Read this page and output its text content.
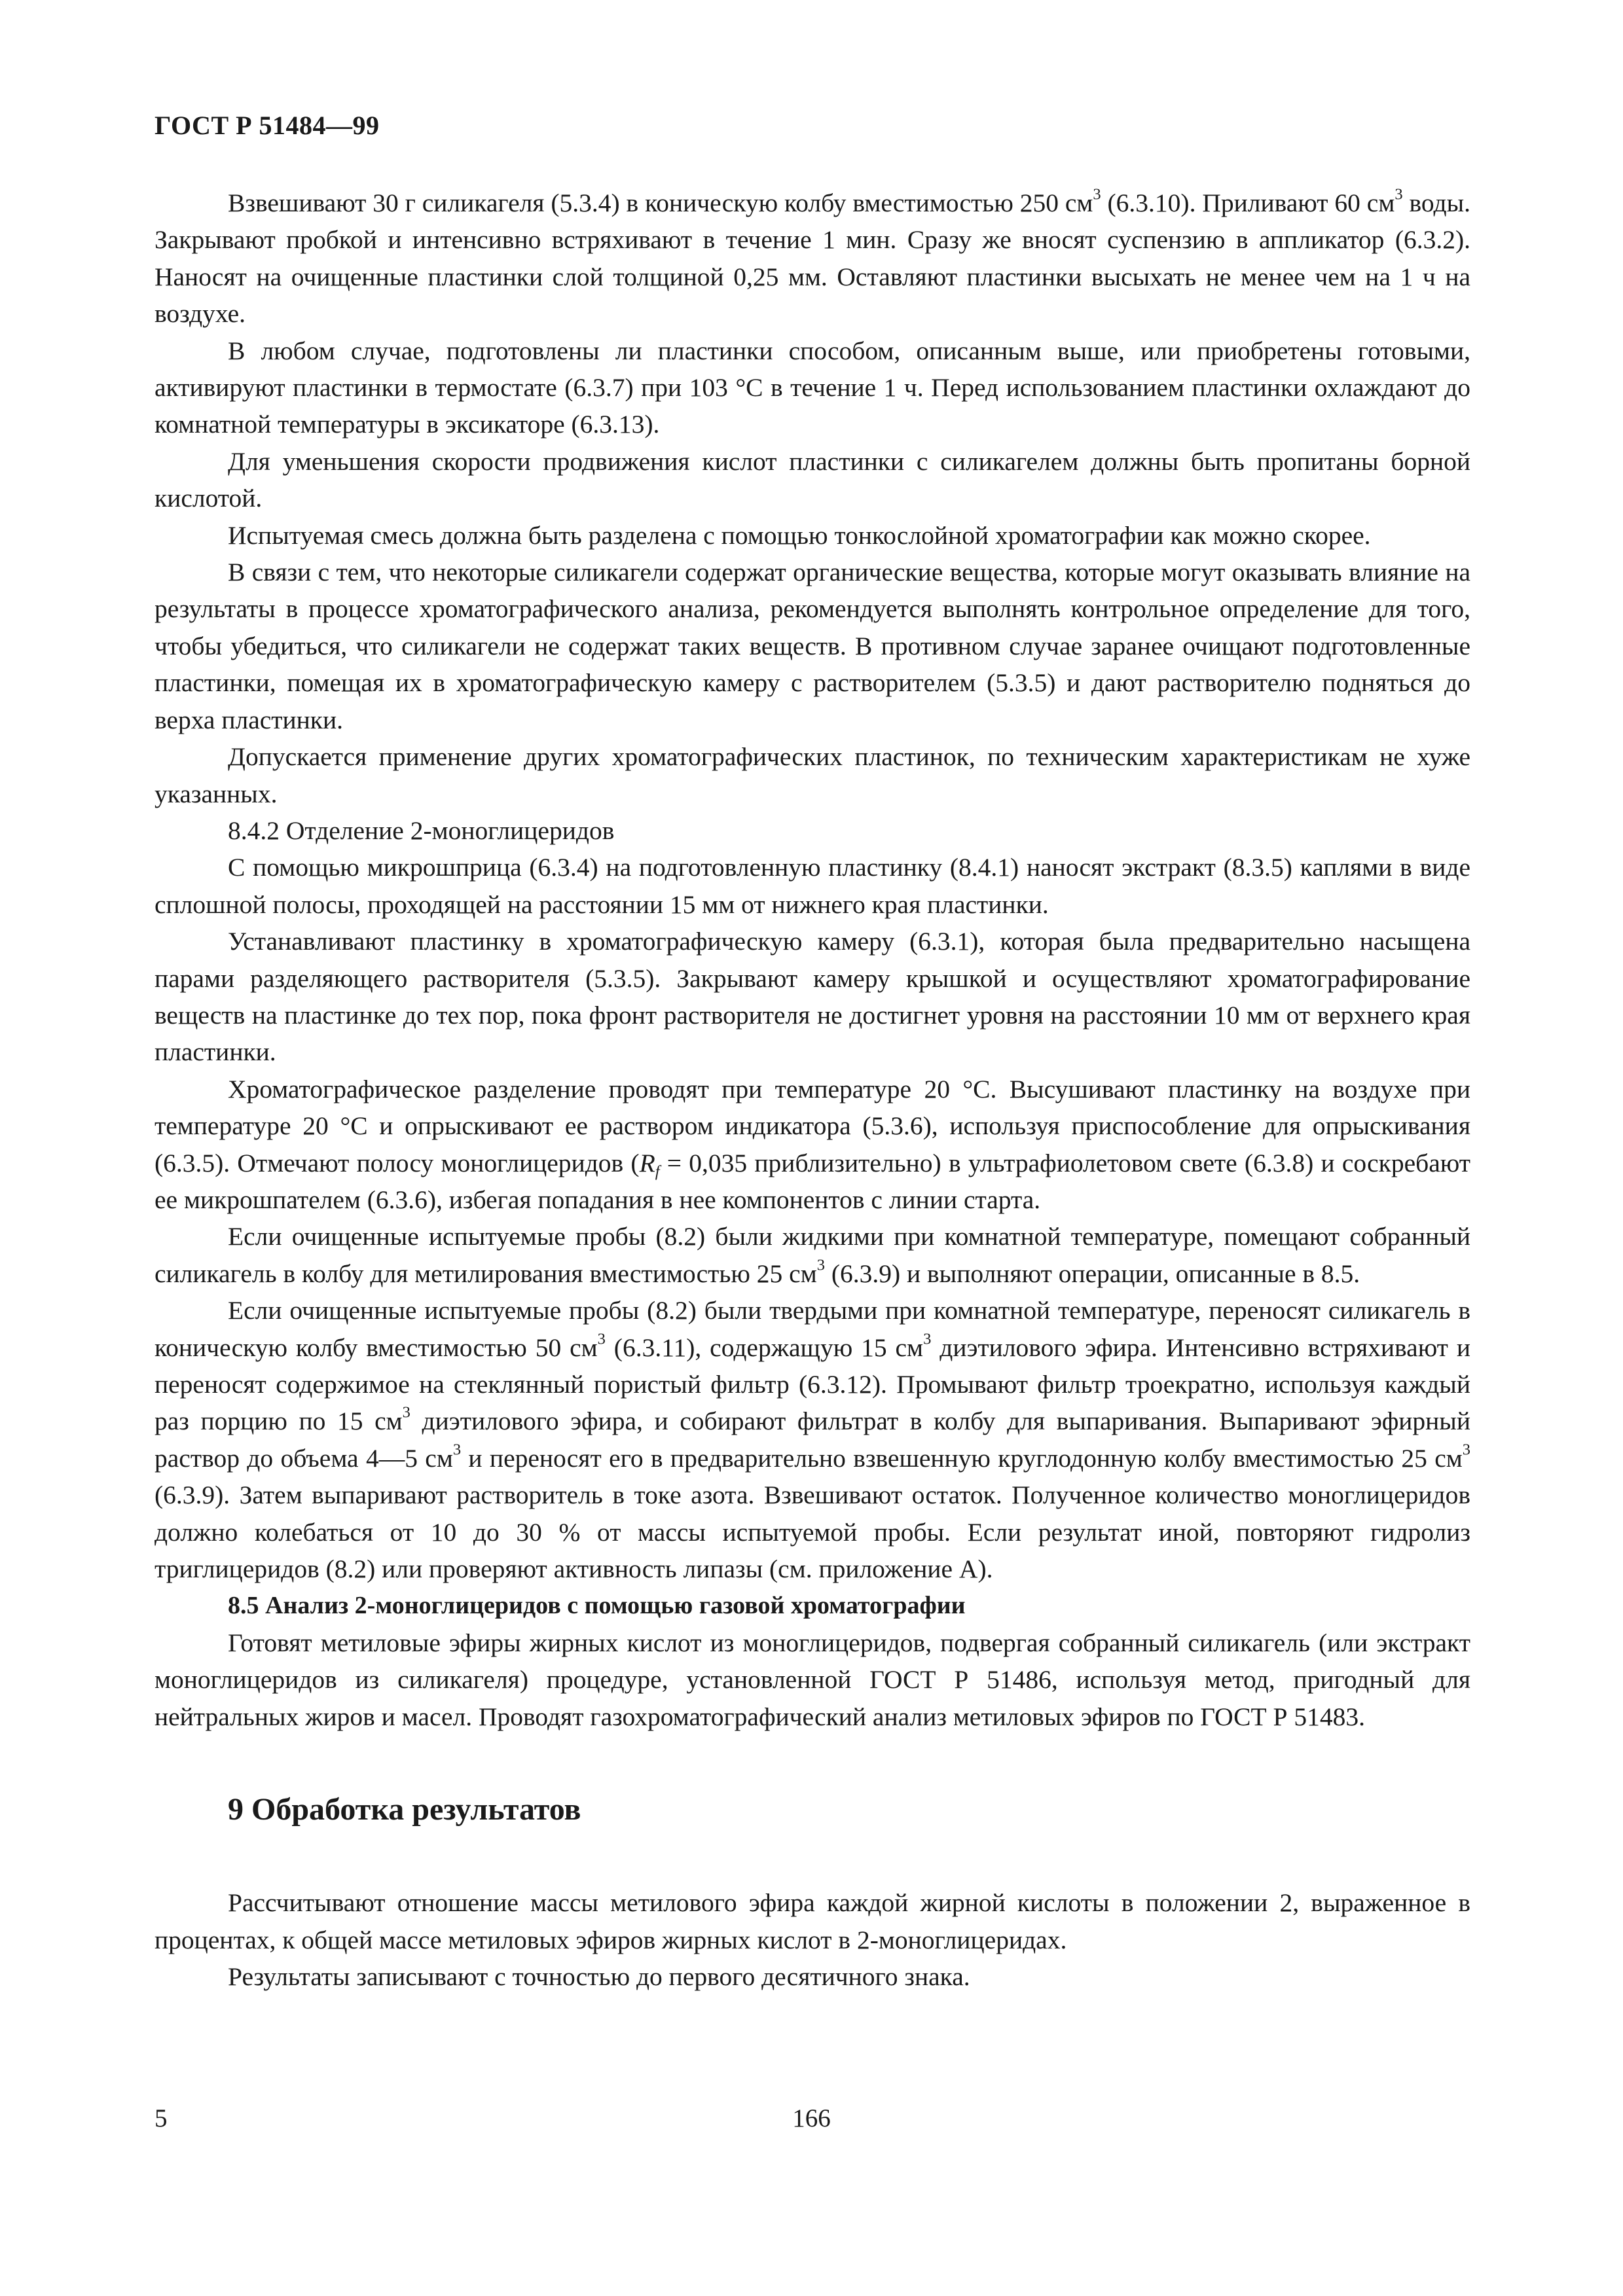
ГОСТ Р 51484—99

Взвешивают 30 г силикагеля (5.3.4) в коническую колбу вместимостью 250 $см^3$ (6.3.10). Приливают 60 $см^3$ воды. Закрывают пробкой и интенсивно встряхивают в течение 1 мин. Сразу же вносят суспензию в аппликатор (6.3.2). Наносят на очищенные пластинки слой толщиной 0,25 мм. Оставляют пластинки высыхать не менее чем на 1 ч на воздухе.

В любом случае, подготовлены ли пластинки способом, описанным выше, или приобретены готовыми, активируют пластинки в термостате (6.3.7) при 103 °С в течение 1 ч. Перед использованием пластинки охлаждают до комнатной температуры в эксикаторе (6.3.13).

Для уменьшения скорости продвижения кислот пластинки с силикагелем должны быть пропитаны борной кислотой.

Испытуемая смесь должна быть разделена с помощью тонкослойной хроматографии как можно скорее.

В связи с тем, что некоторые силикагели содержат органические вещества, которые могут оказывать влияние на результаты в процессе хроматографического анализа, рекомендуется выполнять контрольное определение для того, чтобы убедиться, что силикагели не содержат таких веществ. В противном случае заранее очищают подготовленные пластинки, помещая их в хроматографическую камеру с растворителем (5.3.5) и дают растворителю подняться до верха пластинки.

Допускается применение других хроматографических пластинок, по техническим характеристикам не хуже указанных.

8.4.2 Отделение 2-моноглицеридов

С помощью микрошприца (6.3.4) на подготовленную пластинку (8.4.1) наносят экстракт (8.3.5) каплями в виде сплошной полосы, проходящей на расстоянии 15 мм от нижнего края пластинки.

Устанавливают пластинку в хроматографическую камеру (6.3.1), которая была предварительно насыщена парами разделяющего растворителя (5.3.5). Закрывают камеру крышкой и осуществляют хроматографирование веществ на пластинке до тех пор, пока фронт растворителя не достигнет уровня на расстоянии 10 мм от верхнего края пластинки.

Хроматографическое разделение проводят при температуре 20 °С. Высушивают пластинку на воздухе при температуре 20 °С и опрыскивают ее раствором индикатора (5.3.6), используя приспособление для опрыскивания (6.3.5). Отмечают полосу моноглицеридов ($R_f = 0,035$ приблизительно) в ультрафиолетовом свете (6.3.8) и соскребают ее микрошпателем (6.3.6), избегая попадания в нее компонентов с линии старта.

Если очищенные испытуемые пробы (8.2) были жидкими при комнатной температуре, помещают собранный силикагель в колбу для метилирования вместимостью 25 $см^3$ (6.3.9) и выполняют операции, описанные в 8.5.

Если очищенные испытуемые пробы (8.2) были твердыми при комнатной температуре, переносят силикагель в коническую колбу вместимостью 50 $см^3$ (6.3.11), содержащую 15 $см^3$ диэтилового эфира. Интенсивно встряхивают и переносят содержимое на стеклянный пористый фильтр (6.3.12). Промывают фильтр троекратно, используя каждый раз порцию по 15 $см^3$ диэтилового эфира, и собирают фильтрат в колбу для выпаривания. Выпаривают эфирный раствор до объема 4—5 $см^3$ и переносят его в предварительно взвешенную круглодонную колбу вместимостью 25 $см^3$ (6.3.9). Затем выпаривают растворитель в токе азота. Взвешивают остаток. Полученное количество моноглицеридов должно колебаться от 10 до 30 % от массы испытуемой пробы. Если результат иной, повторяют гидролиз триглицеридов (8.2) или проверяют активность липазы (см. приложение А).

8.5 Анализ 2-моноглицеридов с помощью газовой хроматографии

Готовят метиловые эфиры жирных кислот из моноглицеридов, подвергая собранный силикагель (или экстракт моноглицеридов из силикагеля) процедуре, установленной ГОСТ Р 51486, используя метод, пригодный для нейтральных жиров и масел. Проводят газохроматографический анализ метиловых эфиров по ГОСТ Р 51483.

9 Обработка результатов

Рассчитывают отношение массы метилового эфира каждой жирной кислоты в положении 2, выраженное в процентах, к общей массе метиловых эфиров жирных кислот в 2-моноглицеридах.

Результаты записывают с точностью до первого десятичного знака.

5	166
